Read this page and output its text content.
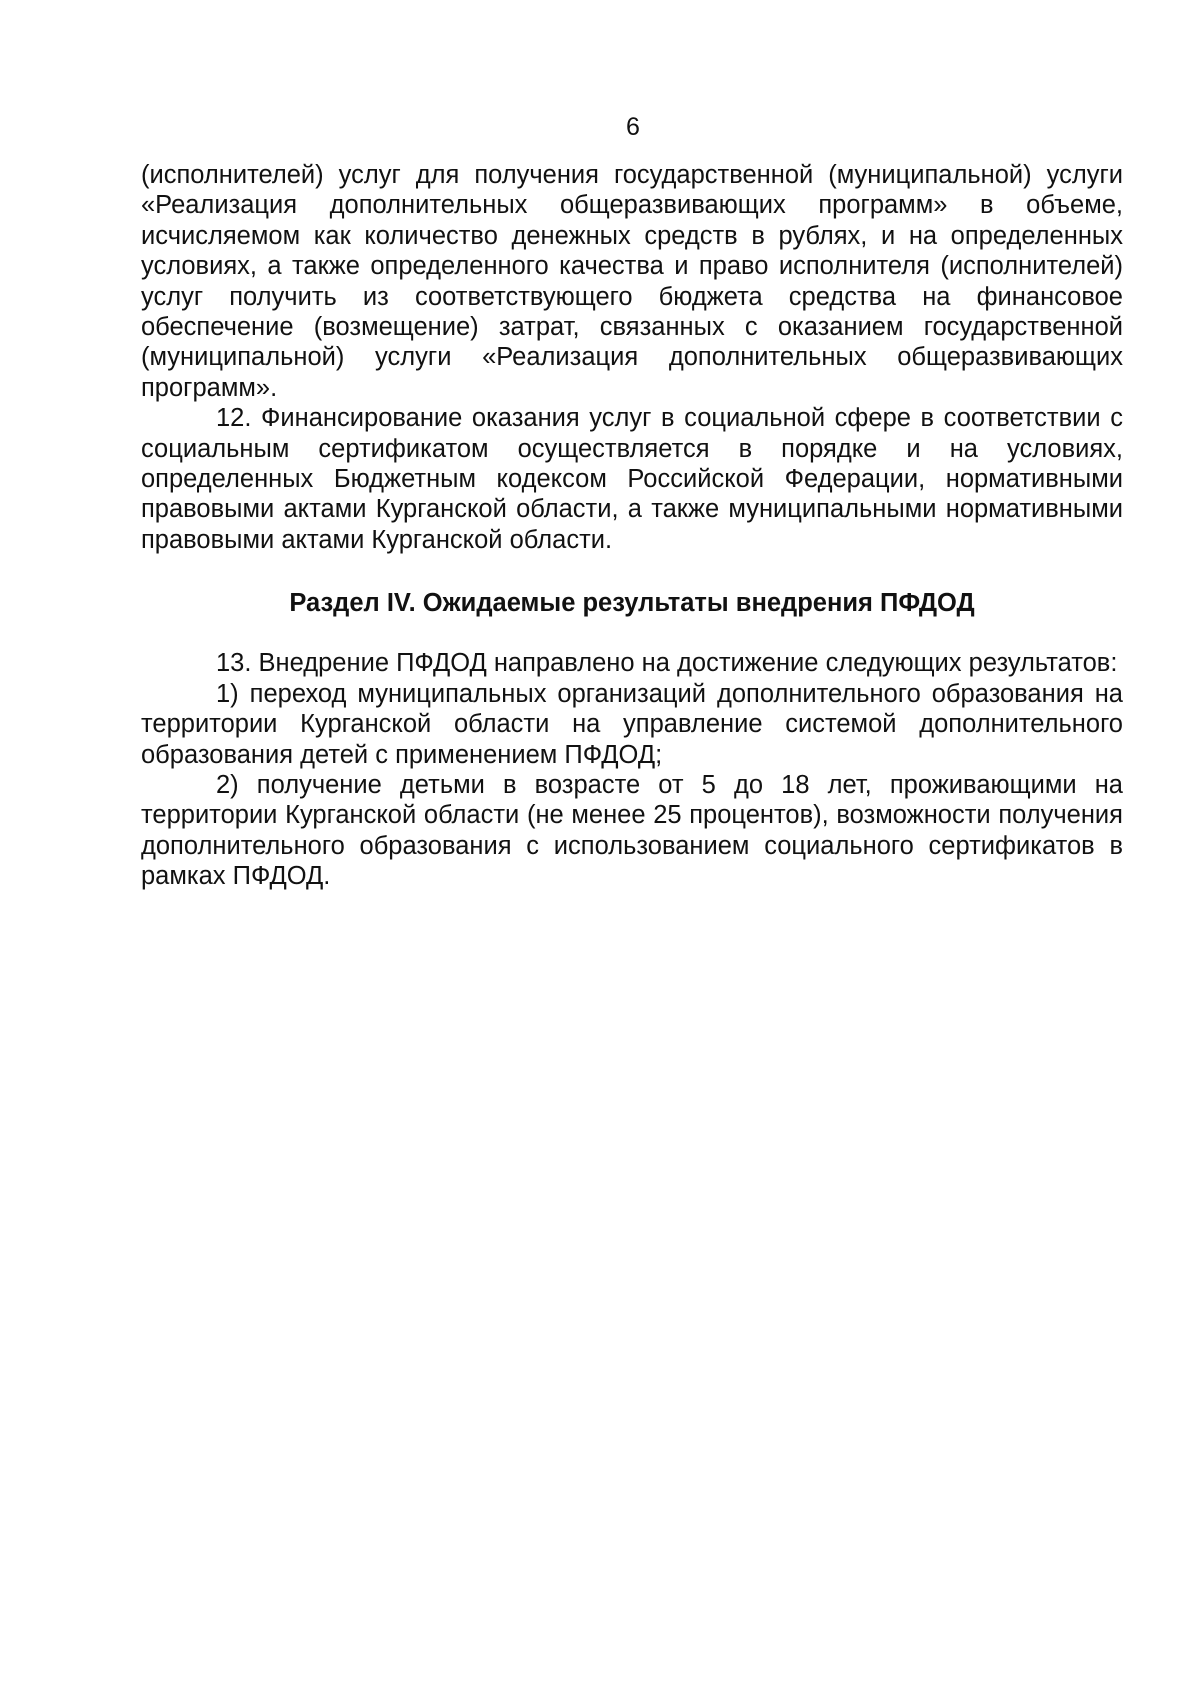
6

(исполнителей) услуг для получения государственной (муниципальной) услуги «Реализация дополнительных общеразвивающих программ» в объеме, исчисляемом как количество денежных средств в рублях, и на определенных условиях, а также определенного качества и право исполнителя (исполнителей) услуг получить из соответствующего бюджета средства на финансовое обеспечение (возмещение) затрат, связанных с оказанием государственной (муниципальной) услуги «Реализация дополнительных общеразвивающих программ».

12. Финансирование оказания услуг в социальной сфере в соответствии с социальным сертификатом осуществляется в порядке и на условиях, определенных Бюджетным кодексом Российской Федерации, нормативными правовыми актами Курганской области, а также муниципальными нормативными правовыми актами Курганской области.

Раздел IV. Ожидаемые результаты внедрения ПФДОД

13. Внедрение ПФДОД направлено на достижение следующих результатов:

1) переход муниципальных организаций дополнительного образования на территории Курганской области на управление системой дополнительного образования детей с применением ПФДОД;

2) получение детьми в возрасте от 5 до 18 лет, проживающими на территории Курганской области (не менее 25 процентов), возможности получения дополнительного образования с использованием социального сертификатов в рамках ПФДОД.
